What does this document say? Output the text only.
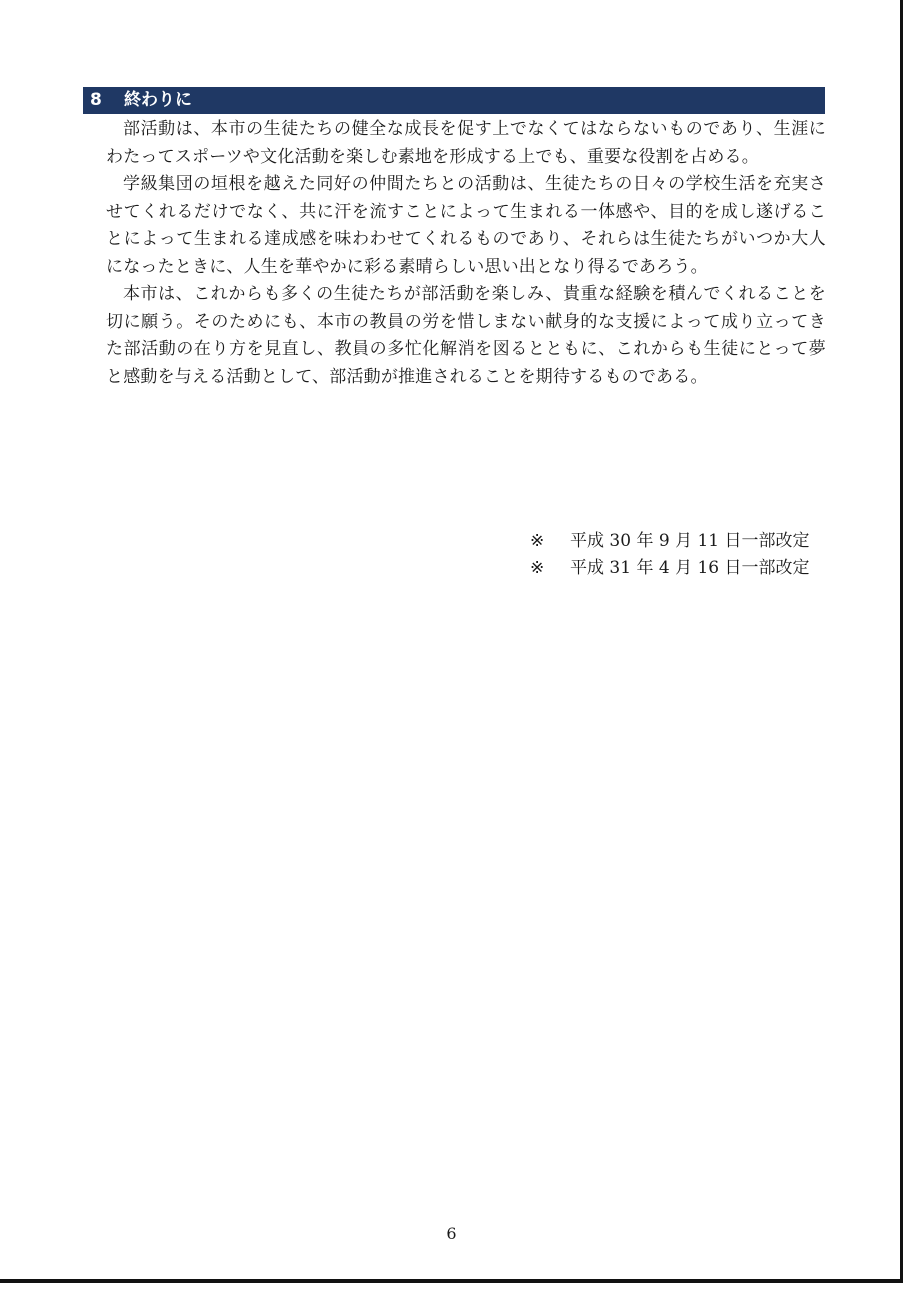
8	終わりに

部活動は、本市の生徒たちの健全な成長を促す上でなくてはならないものであり、生涯にわたってスポーツや文化活動を楽しむ素地を形成する上でも、重要な役割を占める。

学級集団の垣根を越えた同好の仲間たちとの活動は、生徒たちの日々の学校生活を充実させてくれるだけでなく、共に汗を流すことによって生まれる一体感や、目的を成し遂げることによって生まれる達成感を味わわせてくれるものであり、それらは生徒たちがいつか大人になったときに、人生を華やかに彩る素晴らしい思い出となり得るであろう。

本市は、これからも多くの生徒たちが部活動を楽しみ、貴重な経験を積んでくれることを切に願う。そのためにも、本市の教員の労を惜しまない献身的な支援によって成り立ってきた部活動の在り方を見直し、教員の多忙化解消を図るとともに、これからも生徒にとって夢と感動を与える活動として、部活動が推進されることを期待するものである。

※	平成 30 年 9 月 11 日一部改定
※	平成 31 年 4 月 16 日一部改定
6
